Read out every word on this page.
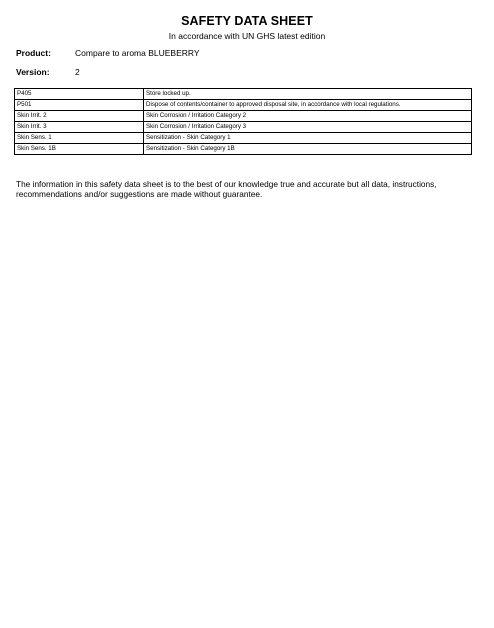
SAFETY DATA SHEET
In accordance with UN GHS latest edition
Product:	Compare to aroma BLUEBERRY
Version:	2
P405	Store locked up.
P501	Dispose of contents/container to approved disposal site, in accordance with local regulations.
Skin Irrit. 2	Skin Corrosion / Irritation Category 2
Skin Irrit. 3	Skin Corrosion / Irritation Category 3
Skin Sens. 1	Sensitization - Skin Category 1
Skin Sens. 1B	Sensitization - Skin Category 1B
The information in this safety data sheet is to the best of our knowledge true and accurate but all data, instructions, recommendations and/or suggestions are made without guarantee.
